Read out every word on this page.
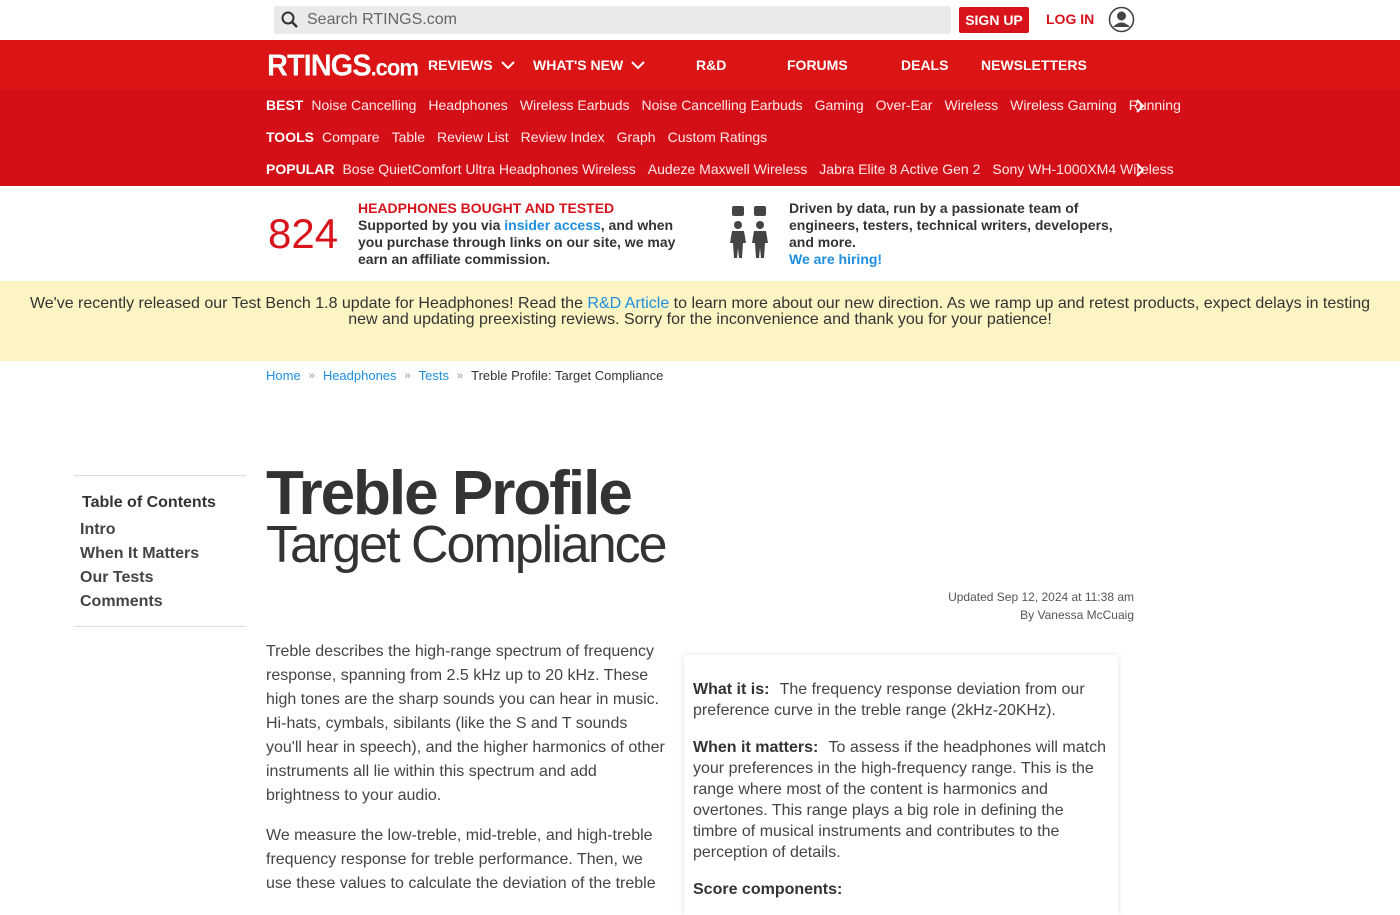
Search RTINGS.com
SIGN UP	LOG IN
RTINGS.com REVIEWS	WHAT'S NEW	R&D	FORUMS	DEALS NEWSLETTERS
BEST Noise Cancelling Headphones Wireless Earbuds Noise Cancelling Earbuds Gaming Over-Ear Wireless Wireless Gaming Running
TOOLS Compare Table Review List Review Index Graph Custom Ratings
POPULAR Bose QuietComfort Ultra Headphones Wireless Audeze Maxwell Wireless Jabra Elite 8 Active Gen 2 Sony WH-1000XM4 Wireless
824
HEADPHONES BOUGHT AND TESTED
Supported by you via insider access, and when you purchase through links on our site, we may earn an affiliate commission.
Driven by data, run by a passionate team of engineers, testers, technical writers, developers, and more.
We are hiring!

We've recently released our Test Bench 1.8 update for Headphones! Read the R&D Article to learn more about our new direction. As we ramp up and retest products, expect delays in testing new and updating preexisting reviews. Sorry for the inconvenience and thank you for your patience!

Home » Headphones » Tests » Treble Profile: Target Compliance
Table of Contents
Intro
When It Matters
Our Tests
Comments
Treble Profile
Target Compliance
Updated Sep 12, 2024 at 11:38 am
By Vanessa McCuaig

Treble describes the high-range spectrum of frequency response, spanning from 2.5 kHz up to 20 kHz. These high tones are the sharp sounds you can hear in music. Hi-hats, cymbals, sibilants (like the S and T sounds you'll hear in speech), and the higher harmonics of other instruments all lie within this spectrum and add brightness to your audio.

We measure the low-treble, mid-treble, and high-treble frequency response for treble performance. Then, we use these values to calculate the deviation of the treble

What it is: The frequency response deviation from our preference curve in the treble range (2kHz-20KHz).

When it matters: To assess if the headphones will match your preferences in the high-frequency range. This is the range where most of the content is harmonics and overtones. This range plays a big role in defining the timbre of musical instruments and contributes to the perception of details.

Score components:
